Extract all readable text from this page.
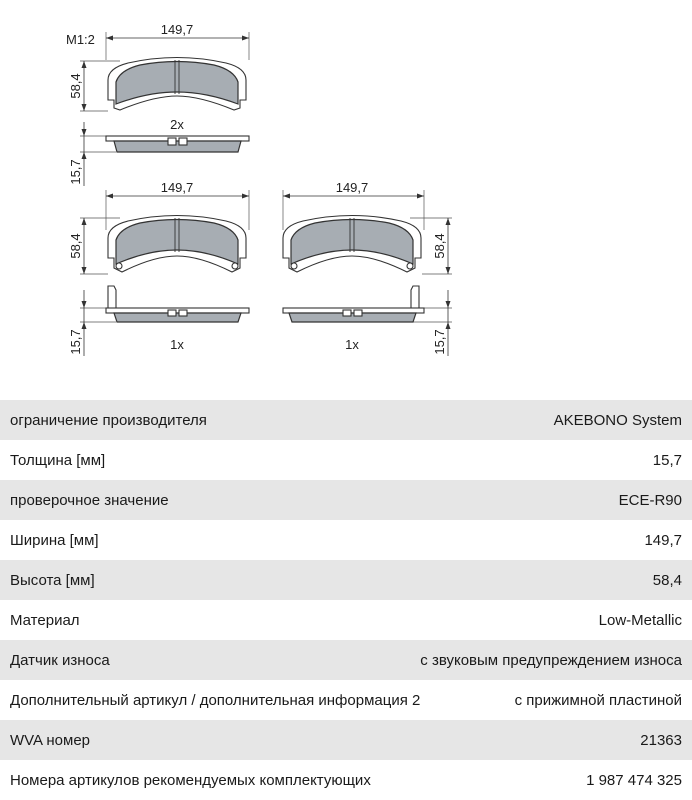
M1:2
149,7
58,4
15,7
2x
149,7
58,4
15,7	1x
149,7
58,4
15,7
1x
ограничение производителя	AKEBONO System
Толщина [мм]	15,7
проверочное значение	ECE-R90
Ширина [мм]	149,7
Высота [мм]	58,4
Материал	Low-Metallic
Датчик износа	с звуковым предупреждением износа
Дополнительный артикул / дополнительная информация 2	с прижимной пластиной
WVA номер	21363
Номера артикулов рекомендуемых комплектующих	1 987 474 325
